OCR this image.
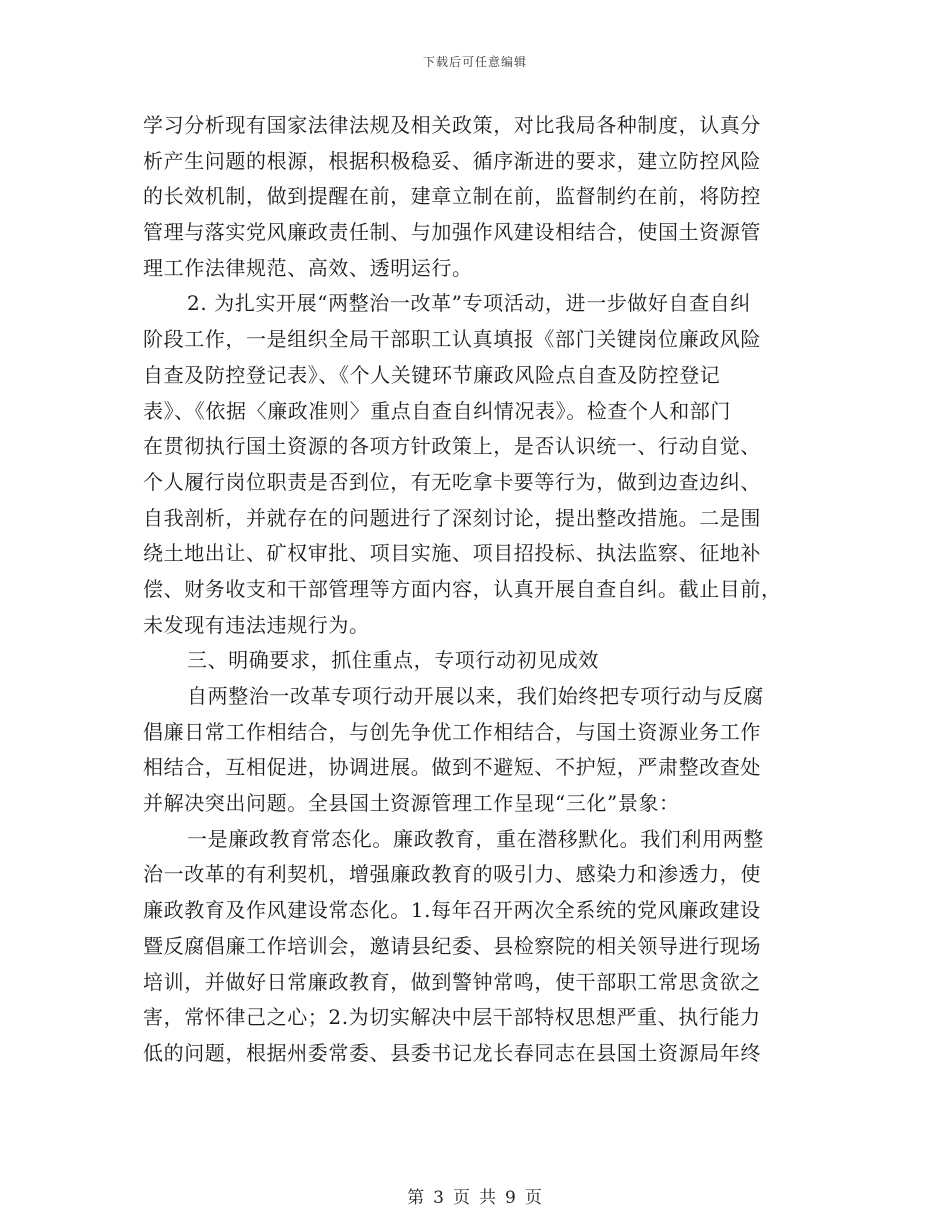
下载后可任意编辑
学习分析现有国家法律法规及相关政策，对比我局各种制度，认真分
析产生问题的根源，根据积极稳妥、循序渐进的要求，建立防控风险
的长效机制，做到提醒在前，建章立制在前，监督制约在前，将防控
管理与落实党风廉政责任制、与加强作风建设相结合，使国土资源管
理工作法律规范、高效、透明运行。
2. 为扎实开展“两整治一改革”专项活动，进一步做好自查自纠
阶段工作，一是组织全局干部职工认真填报《部门关键岗位廉政风险
自查及防控登记表》、《个人关键环节廉政风险点自查及防控登记
表》、《依据〈廉政准则〉重点自查自纠情况表》。检查个人和部门
在贯彻执行国土资源的各项方针政策上，是否认识统一、行动自觉、
个人履行岗位职责是否到位，有无吃拿卡要等行为，做到边查边纠、
自我剖析，并就存在的问题进行了深刻讨论，提出整改措施。二是围
绕土地出让、矿权审批、项目实施、项目招投标、执法监察、征地补
偿、财务收支和干部管理等方面内容，认真开展自查自纠。截止目前，
未发现有违法违规行为。
三、明确要求，抓住重点，专项行动初见成效
自两整治一改革专项行动开展以来，我们始终把专项行动与反腐
倡廉日常工作相结合，与创先争优工作相结合，与国土资源业务工作
相结合，互相促进，协调进展。做到不避短、不护短，严肃整改查处
并解决突出问题。全县国土资源管理工作呈现“三化”景象：
一是廉政教育常态化。廉政教育，重在潜移默化。我们利用两整
治一改革的有利契机，增强廉政教育的吸引力、感染力和渗透力，使
廉政教育及作风建设常态化。1.每年召开两次全系统的党风廉政建设
暨反腐倡廉工作培训会，邀请县纪委、县检察院的相关领导进行现场
培训，并做好日常廉政教育，做到警钟常鸣，使干部职工常思贪欲之
害，常怀律己之心；2.为切实解决中层干部特权思想严重、执行能力
低的问题，根据州委常委、县委书记龙长春同志在县国土资源局年终
第 3 页 共 9 页
